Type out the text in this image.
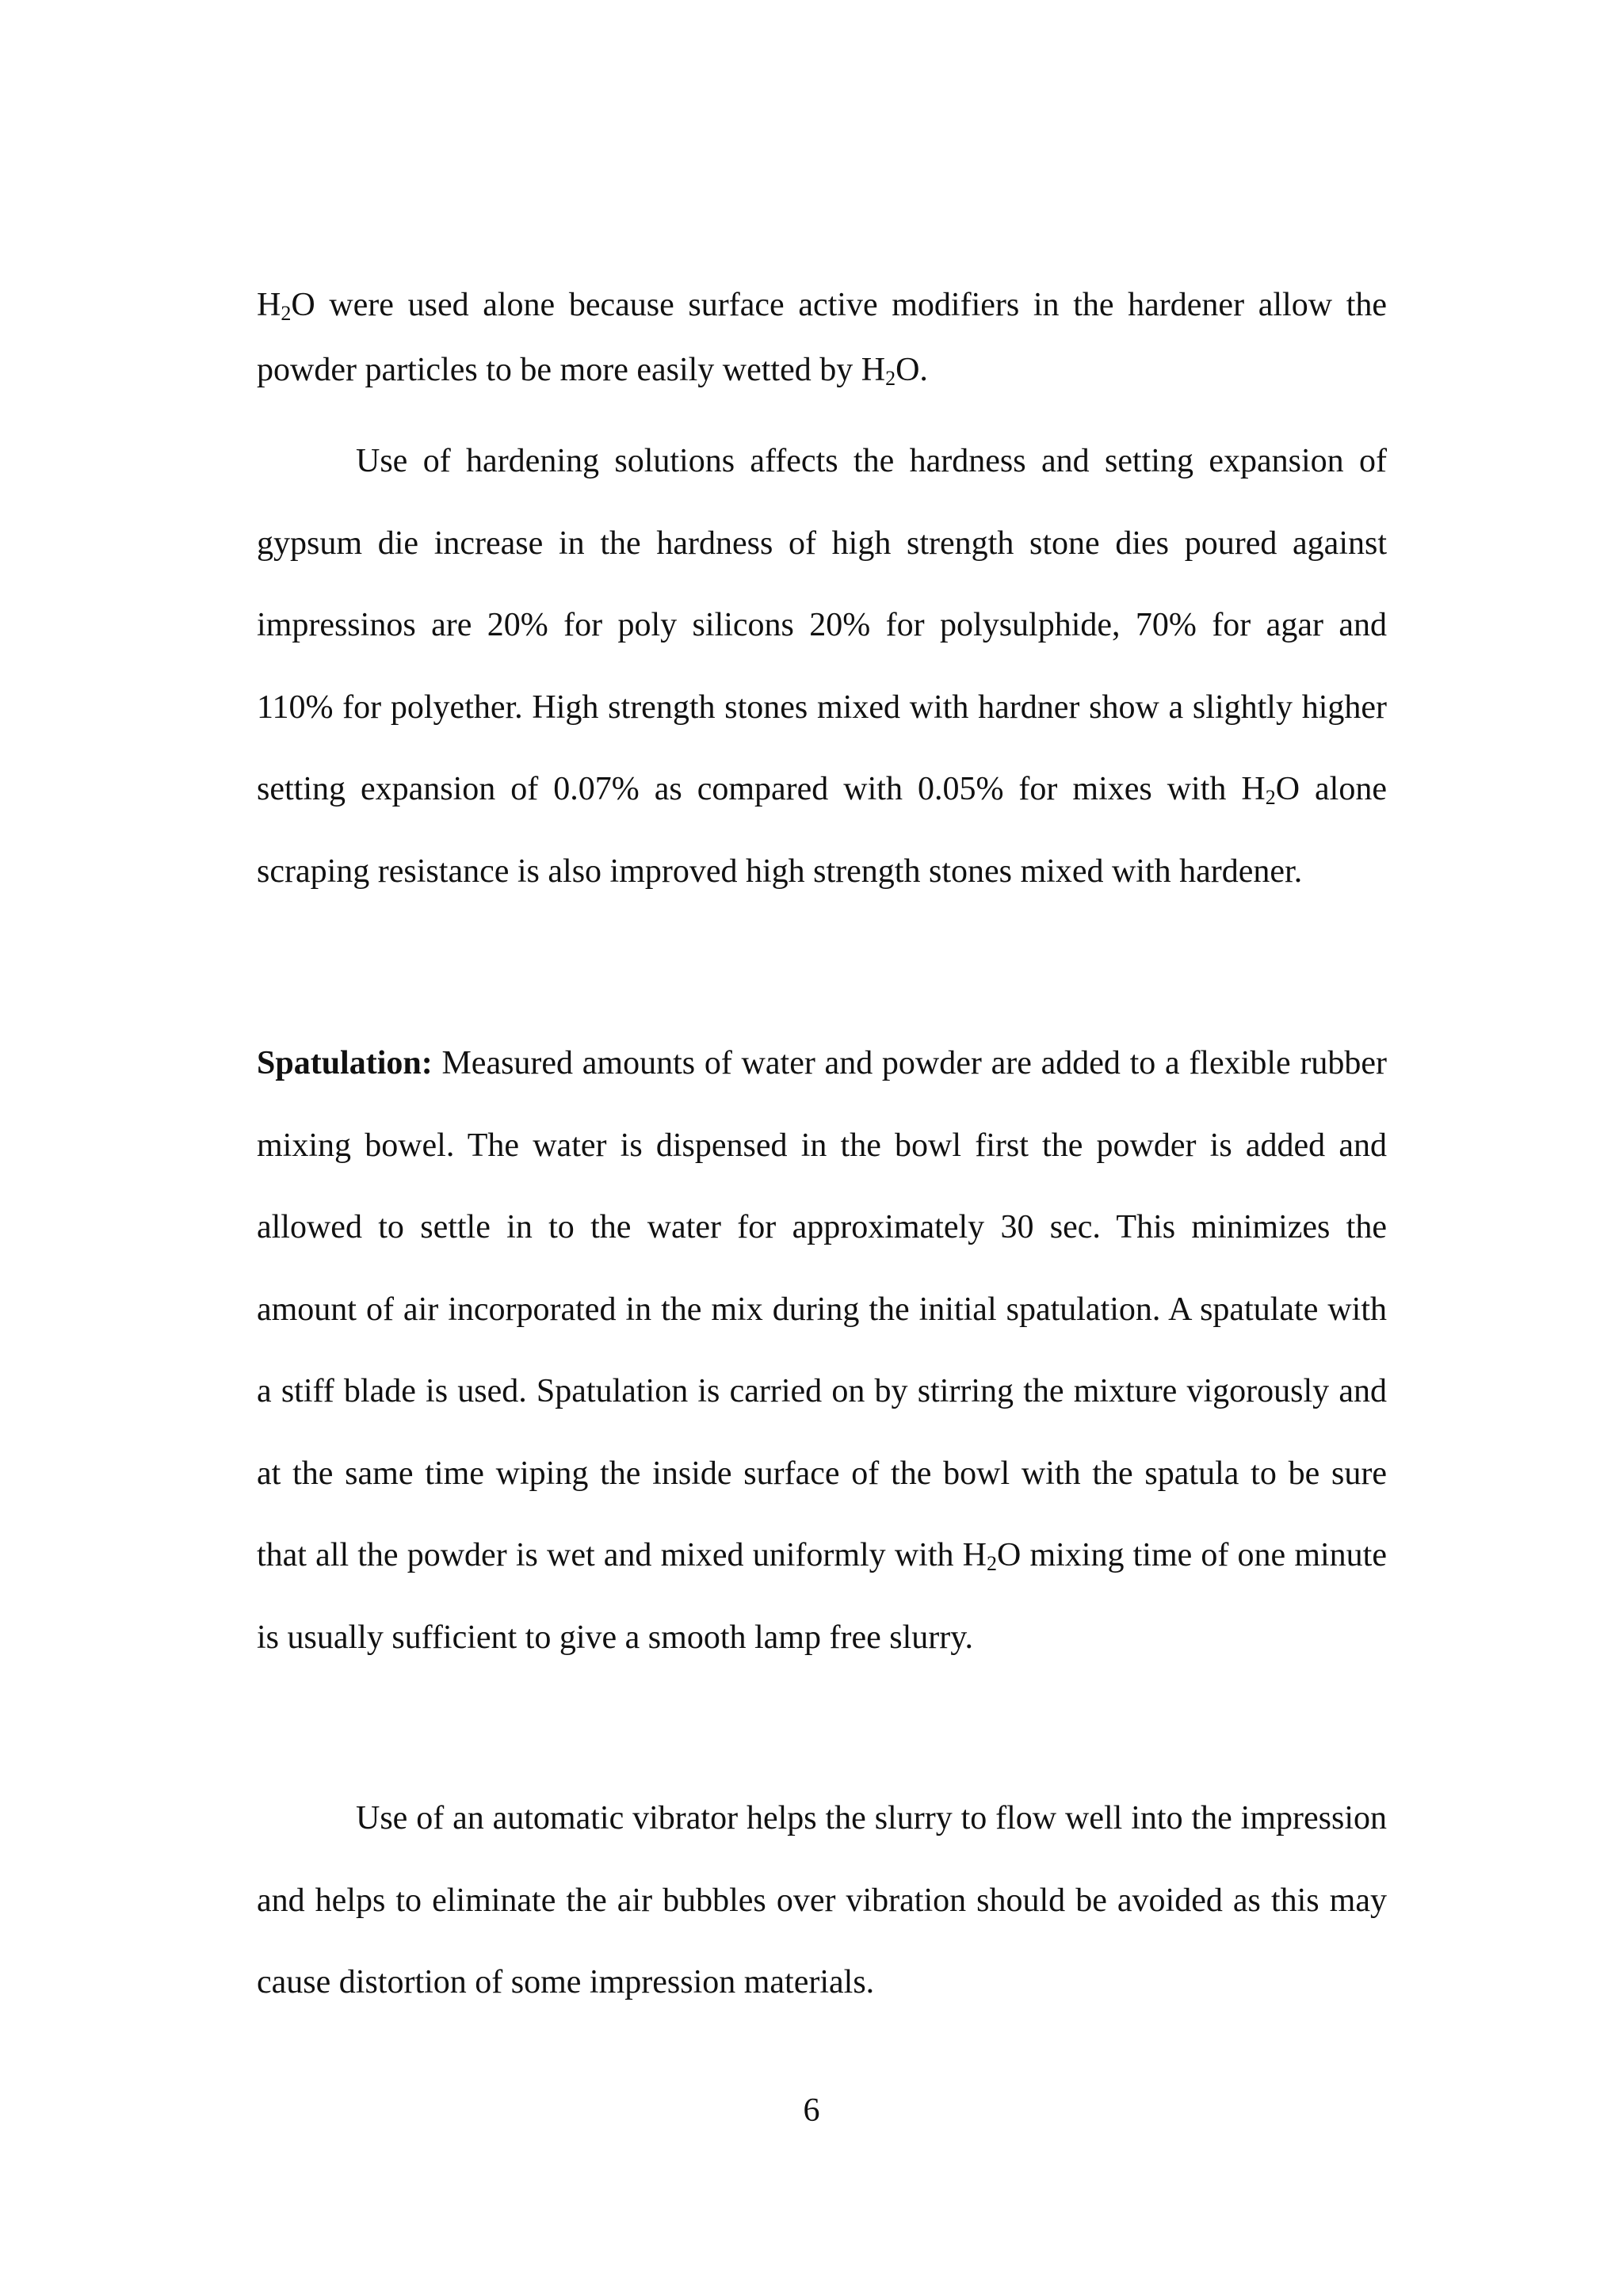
$H_2O$ were used alone because surface active modifiers in the hardener allow the powder particles to be more easily wetted by $H_2O$.

Use of hardening solutions affects the hardness and setting expansion of gypsum die increase in the hardness of high strength stone dies poured against impressinos are 20% for poly silicons 20% for polysulphide, 70% for agar and 110% for polyether. High strength stones mixed with hardner show a slightly higher setting expansion of 0.07% as compared with 0.05% for mixes with $H_2O$ alone scraping resistance is also improved high strength stones mixed with hardener.

Spatulation: Measured amounts of water and powder are added to a flexible rubber mixing bowel. The water is dispensed in the bowl first the powder is added and allowed to settle in to the water for approximately 30 sec. This minimizes the amount of air incorporated in the mix during the initial spatulation. A spatulate with a stiff blade is used. Spatulation is carried on by stirring the mixture vigorously and at the same time wiping the inside surface of the bowl with the spatula to be sure that all the powder is wet and mixed uniformly with $H_2O$ mixing time of one minute is usually sufficient to give a smooth lamp free slurry.

Use of an automatic vibrator helps the slurry to flow well into the impression and helps to eliminate the air bubbles over vibration should be avoided as this may cause distortion of some impression materials.

6
